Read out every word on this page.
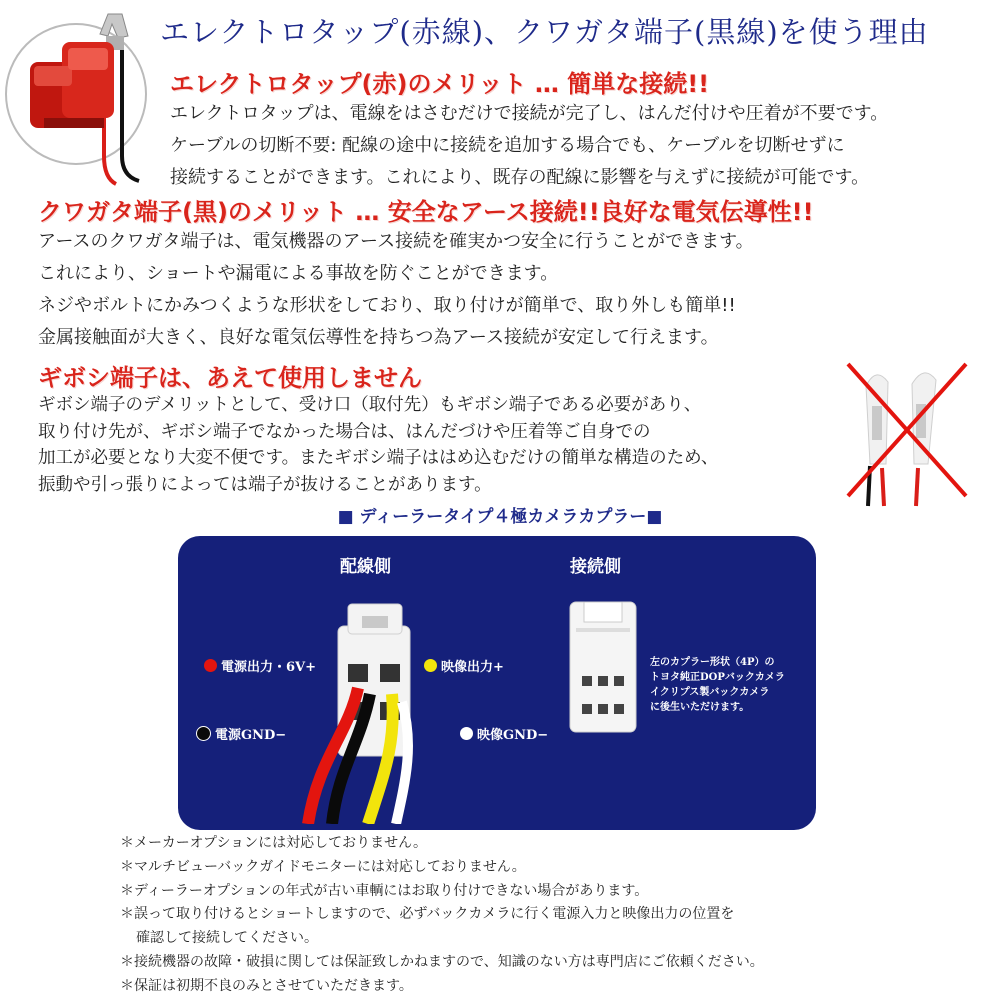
エレクトロタップ(赤線)、クワガタ端子(黒線)を使う理由
エレクトロタップ(赤)のメリット … 簡単な接続!!
エレクトロタップは、電線をはさむだけで接続が完了し、はんだ付けや圧着が不要です。
ケーブルの切断不要: 配線の途中に接続を追加する場合でも、ケーブルを切断せずに
接続することができます。これにより、既存の配線に影響を与えずに接続が可能です。
クワガタ端子(黒)のメリット … 安全なアース接続!!良好な電気伝導性!!
アースのクワガタ端子は、電気機器のアース接続を確実かつ安全に行うことができます。
これにより、ショートや漏電による事故を防ぐことができます。
ネジやボルトにかみつくような形状をしており、取り付けが簡単で、取り外しも簡単!!
金属接触面が大きく、良好な電気伝導性を持ちつ為アース接続が安定して行えます。
ギボシ端子は、あえて使用しません
ギボシ端子のデメリットとして、受け口（取付先）もギボシ端子である必要があり、
取り付け先が、ギボシ端子でなかった場合は、はんだづけや圧着等ご自身での
加工が必要となり大変不便です。またギボシ端子ははめ込むだけの簡単な構造のため、
振動や引っ張りによっては端子が抜けることがあります。
■ ディーラータイプ４極カメラカプラー■
配線側	接続側
電源出力・6V+	映像出力+
電源GND−	映像GND−
左のカプラー形状（4P）の
トヨタ純正DOPバックカメラ
イクリプス製バックカメラ
に後生いただけます。
＊メーカーオプションには対応しておりません。
＊マルチビューバックガイドモニターには対応しておりません。
＊ディーラーオプションの年式が古い車輌にはお取り付けできない場合があります。
＊誤って取り付けるとショートしますので、必ずバックカメラに行く電源入力と映像出力の位置を
確認して接続してください。
＊接続機器の故障・破損に関しては保証致しかねますので、知識のない方は専門店にご依頼ください。
＊保証は初期不良のみとさせていただきます。
